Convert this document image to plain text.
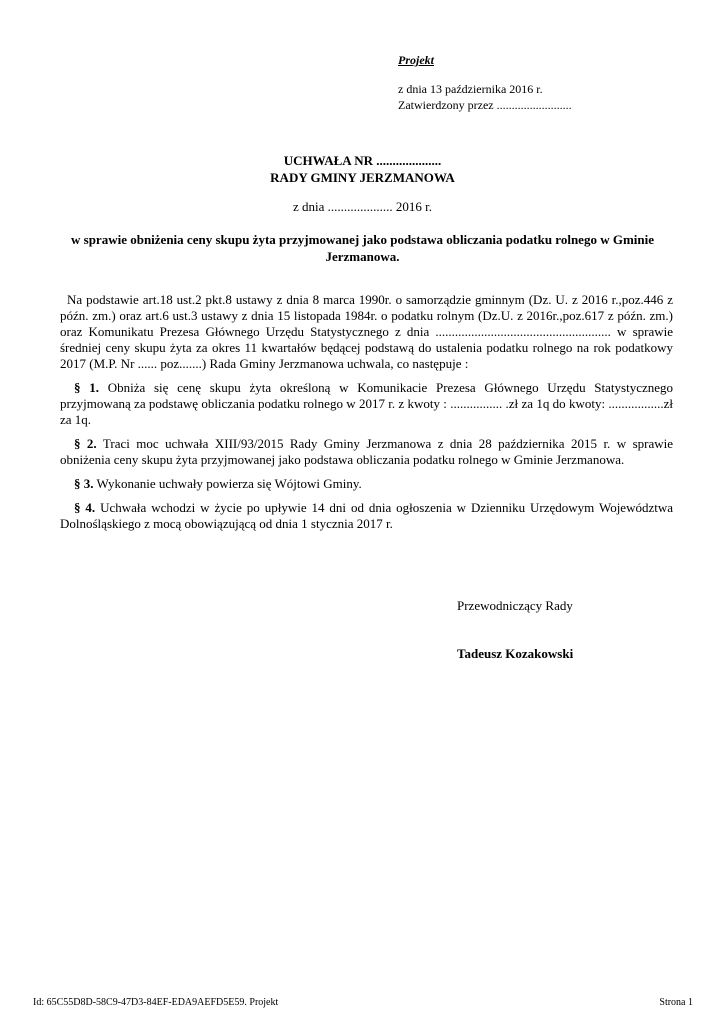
Projekt
z dnia 13 października 2016 r.
Zatwierdzony przez .........................
UCHWAŁA NR ....................
RADY GMINY JERZMANOWA
z dnia .................... 2016 r.
w sprawie obniżenia ceny skupu żyta przyjmowanej jako podstawa obliczania podatku rolnego w Gminie Jerzmanowa.

Na podstawie art.18 ust.2 pkt.8 ustawy z dnia 8 marca 1990r. o samorządzie gminnym (Dz. U. z 2016 r.,poz.446 z późn. zm.) oraz art.6 ust.3 ustawy z dnia 15 listopada 1984r. o podatku rolnym (Dz.U. z 2016r.,poz.617 z późn. zm.) oraz Komunikatu Prezesa Głównego Urzędu Statystycznego z dnia ...................................................... w sprawie średniej ceny skupu żyta za okres 11 kwartałów będącej podstawą do ustalenia podatku rolnego na rok podatkowy 2017 (M.P. Nr ...... poz.......) Rada Gminy Jerzmanowa uchwala, co następuje :

§ 1. Obniża się cenę skupu żyta określoną w Komunikacie Prezesa Głównego Urzędu Statystycznego przyjmowaną za podstawę obliczania podatku rolnego w 2017 r. z kwoty : ................ .zł za 1q do kwoty: .................zł za 1q.

§ 2. Traci moc uchwała XIII/93/2015 Rady Gminy Jerzmanowa z dnia 28 października 2015 r. w sprawie obniżenia ceny skupu żyta przyjmowanej jako podstawa obliczania podatku rolnego w Gminie Jerzmanowa.

§ 3. Wykonanie uchwały powierza się Wójtowi Gminy.

§ 4. Uchwała wchodzi w życie po upływie 14 dni od dnia ogłoszenia w Dzienniku Urzędowym Województwa Dolnośląskiego z mocą obowiązującą od dnia 1 stycznia 2017 r.

Przewodniczący Rady
Tadeusz Kozakowski
Id: 65C55D8D-58C9-47D3-84EF-EDA9AEFD5E59. Projekt	Strona 1
